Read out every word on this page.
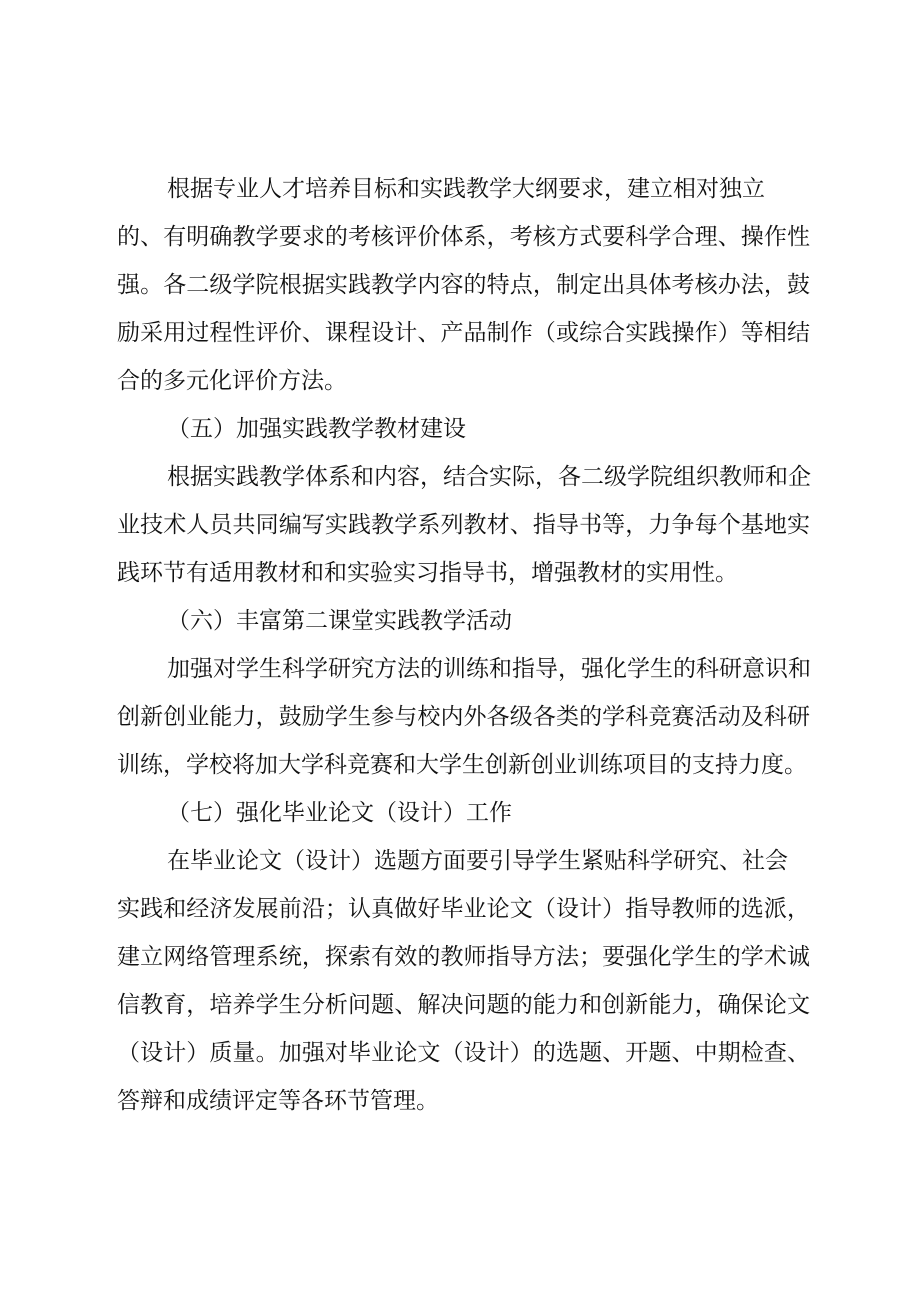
根据专业人才培养目标和实践教学大纲要求，建立相对独立

的、有明确教学要求的考核评价体系，考核方式要科学合理、操作性

强。各二级学院根据实践教学内容的特点，制定出具体考核办法，鼓

励采用过程性评价、课程设计、产品制作（或综合实践操作）等相结

合的多元化评价方法。

（五）加强实践教学教材建设

根据实践教学体系和内容，结合实际，各二级学院组织教师和企

业技术人员共同编写实践教学系列教材、指导书等，力争每个基地实

践环节有适用教材和和实验实习指导书，增强教材的实用性。

（六）丰富第二课堂实践教学活动

加强对学生科学研究方法的训练和指导，强化学生的科研意识和

创新创业能力，鼓励学生参与校内外各级各类的学科竞赛活动及科研

训练，学校将加大学科竞赛和大学生创新创业训练项目的支持力度。

（七）强化毕业论文（设计）工作

在毕业论文（设计）选题方面要引导学生紧贴科学研究、社会

实践和经济发展前沿；认真做好毕业论文（设计）指导教师的选派，

建立网络管理系统，探索有效的教师指导方法；要强化学生的学术诚

信教育，培养学生分析问题、解决问题的能力和创新能力，确保论文

（设计）质量。加强对毕业论文（设计）的选题、开题、中期检查、

答辩和成绩评定等各环节管理。
